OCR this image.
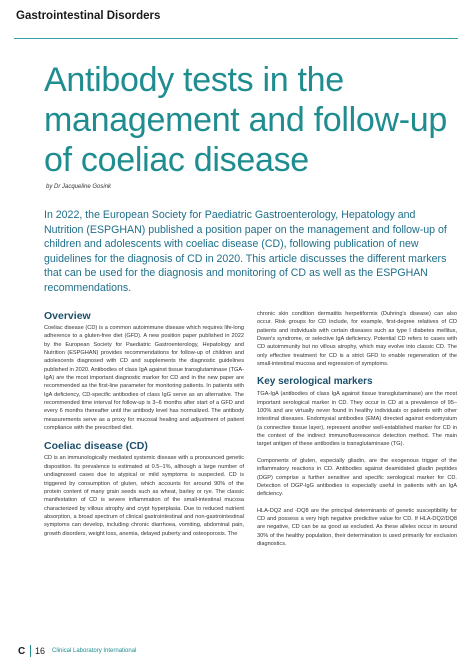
Gastrointestinal Disorders
Antibody tests in the management and follow-up of coeliac disease
by Dr Jacqueline Gosink

In 2022, the European Society for Paediatric Gastroenterology, Hepatology and Nutrition (ESPGHAN) published a position paper on the management and follow-up of children and adolescents with coeliac disease (CD), following publication of new guidelines for the diagnosis of CD in 2020. This article discusses the different markers that can be used for the diagnosis and monitoring of CD as well as the ESPGHAN recommendations.

Overview

Coeliac disease (CD) is a common autoimmune disease which requires life-long adherence to a gluten-free diet (GFD). A new position paper published in 2022 by the European Society for Paediatric Gastroenterology, Hepatology and Nutrition (ESPGHAN) provides recommendations for follow-up of children and adolescents diagnosed with CD and supplements the diagnostic guidelines published in 2020. Antibodies of class IgA against tissue transglutaminase (TGA-IgA) are the most important diagnostic marker for CD and in the new paper are recommended as the first-line parameter for monitoring patients. In patients with IgA deficiency, CD-specific antibodies of class IgG serve as an alternative. The recommended time interval for follow-up is 3–6 months after start of a GFD and every 6 months thereafter until the antibody level has normalized. The antibody measurements serve as a proxy for mucosal healing and adjustment of patient compliance with the prescribed diet.

Coeliac disease (CD)

CD is an immunologically mediated systemic disease with a pronounced genetic disposition. Its prevalence is estimated at 0.5–1%, although a large number of undiagnosed cases due to atypical or mild symptoms is suspected. CD is triggered by consumption of gluten, which accounts for around 90% of the protein content of many grain seeds such as wheat, barley or rye. The classic manifestation of CD is severe inflammation of the small-intestinal mucosa characterized by villous atrophy and crypt hyperplasia. Due to reduced nutrient absorption, a broad spectrum of clinical gastrointestinal and non-gastrointestinal symptoms can develop, including chronic diarrhoea, vomiting, abdominal pain, growth disorders, weight loss, anemia, delayed puberty and osteoporosis. The

chronic skin condition dermatitis herpetiformis (Duhring's disease) can also occur. Risk groups for CD include, for example, first-degree relatives of CD patients and individuals with certain diseases such as type I diabetes mellitus, Down's syndrome, or selective IgA deficiency. Potential CD refers to cases with CD autoimmunity but no villous atrophy, which may evolve into classic CD. The only effective treatment for CD is a strict GFD to enable regeneration of the small-intestinal mucosa and regression of symptoms.

Key serological markers

TGA-IgA (antibodies of class IgA against tissue transglutaminase) are the most important serological marker in CD. They occur in CD at a prevalence of 95–100% and are virtually never found in healthy individuals or patients with other intestinal diseases. Endomysial antibodies (EMA) directed against endomysium (a connective tissue layer), represent another well-established marker for CD in the context of the indirect immunofluorescence detection method. The main target antigen of these antibodies is transglutaminase (TG).

Components of gluten, especially gliadin, are the exogenous trigger of the inflammatory reactions in CD. Antibodies against deamidated gliadin peptides (DGP) comprise a further sensitive and specific serological marker for CD. Detection of DGP-IgG antibodies is especially useful in patients with an IgA deficiency.

HLA-DQ2 and -DQ8 are the principal determinants of genetic susceptibility for CD and possess a very high negative predictive value for CD. If HLA-DQ2/DQ8 are negative, CD can be as good as excluded. As these alleles occur in around 30% of the healthy population, their determination is used primarily for exclusion diagnostics.

C 16 Clinical Laboratory International
